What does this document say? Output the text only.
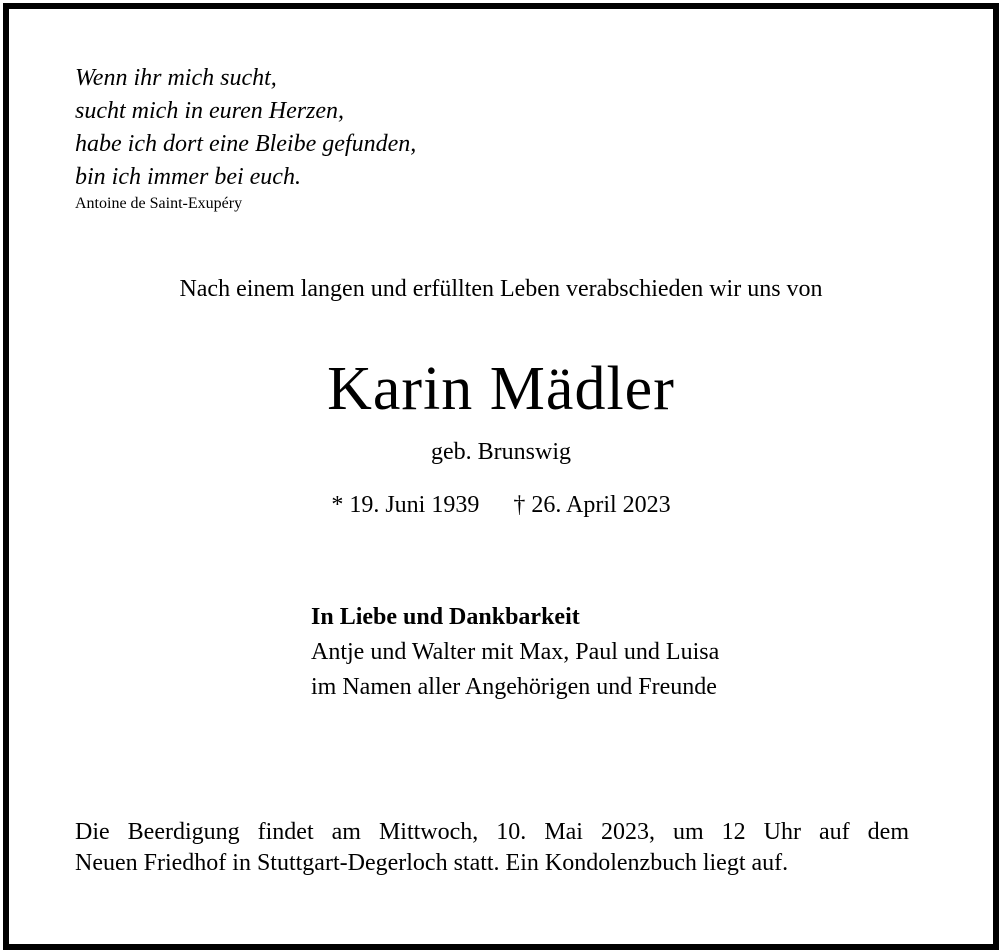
Wenn ihr mich sucht,
sucht mich in euren Herzen,
habe ich dort eine Bleibe gefunden,
bin ich immer bei euch.
Antoine de Saint-Exupéry
Nach einem langen und erfüllten Leben verabschieden wir uns von
Karin Mädler
geb. Brunswig
* 19. Juni 1939 † 26. April 2023
In Liebe und Dankbarkeit
Antje und Walter mit Max, Paul und Luisa
im Namen aller Angehörigen und Freunde
Die Beerdigung findet am Mittwoch, 10. Mai 2023, um 12 Uhr auf dem
Neuen Friedhof in Stuttgart-Degerloch statt. Ein Kondolenzbuch liegt auf.
